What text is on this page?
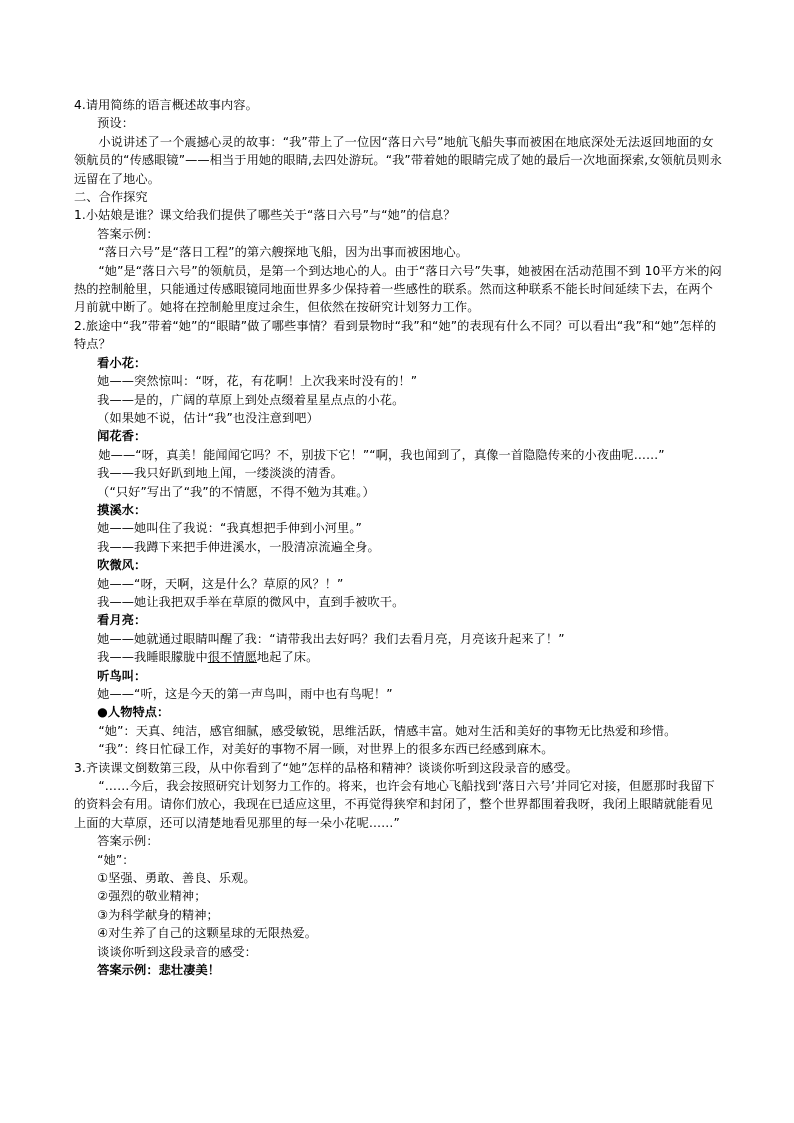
4.请用简练的语言概述故事内容。

预设：

小说讲述了一个震撼心灵的故事：“我”带上了一位因“落日六号”地航飞船失事而被困在地底深处无法返回地面的女领航员的“传感眼镜”——相当于用她的眼睛,去四处游玩。“我”带着她的眼睛完成了她的最后一次地面探索,女领航员则永远留在了地心。

二、合作探究

1.小姑娘是谁？课文给我们提供了哪些关于“落日六号”与“她”的信息？

答案示例：

“落日六号”是“落日工程”的第六艘探地飞船，因为出事而被困地心。

“她”是“落日六号”的领航员，是第一个到达地心的人。由于“落日六号”失事，她被困在活动范围不到 10平方米的闷热的控制舱里，只能通过传感眼镜同地面世界多少保持着一些感性的联系。然而这种联系不能长时间延续下去，在两个月前就中断了。她将在控制舱里度过余生，但依然在按研究计划努力工作。

2.旅途中“我”带着“她”的“眼睛”做了哪些事情？看到景物时“我”和“她”的表现有什么不同？可以看出“我”和“她”怎样的特点？

看小花：

她——突然惊叫：“呀，花，有花啊！上次我来时没有的！”

我——是的，广阔的草原上到处点缀着星星点点的小花。

（如果她不说，估计“我”也没注意到吧）

闻花香：

她——“呀，真美！能闻闻它吗？不，别拔下它！”“啊，我也闻到了，真像一首隐隐传来的小夜曲呢……”

我——我只好趴到地上闻，一缕淡淡的清香。

（“只好”写出了“我”的不情愿，不得不勉为其难。）

摸溪水：

她——她叫住了我说：“我真想把手伸到小河里。”

我——我蹲下来把手伸进溪水，一股清凉流遍全身。

吹微风：

她——“呀，天啊，这是什么？草原的风？！”

我——她让我把双手举在草原的微风中，直到手被吹干。

看月亮：

她——她就通过眼睛叫醒了我：“请带我出去好吗？我们去看月亮，月亮该升起来了！”

我——我睡眼朦胧中很不情愿地起了床。

听鸟叫：

她——“听，这是今天的第一声鸟叫，雨中也有鸟呢！”

●人物特点：

“她”：天真、纯洁，感官细腻，感受敏锐，思维活跃，情感丰富。她对生活和美好的事物无比热爱和珍惜。

“我”：终日忙碌工作，对美好的事物不屑一顾，对世界上的很多东西已经感到麻木。

3.齐读课文倒数第三段，从中你看到了“她”怎样的品格和精神？谈谈你听到这段录音的感受。

“……今后，我会按照研究计划努力工作的。将来，也许会有地心飞船找到‘落日六号’并同它对接，但愿那时我留下的资料会有用。请你们放心，我现在已适应这里，不再觉得狭窄和封闭了，整个世界都围着我呀，我闭上眼睛就能看见上面的大草原，还可以清楚地看见那里的每一朵小花呢……”

答案示例：

“她”：

①坚强、勇敢、善良、乐观。

②强烈的敬业精神；

③为科学献身的精神；

④对生养了自己的这颗星球的无限热爱。

谈谈你听到这段录音的感受：

答案示例：悲壮凄美！
